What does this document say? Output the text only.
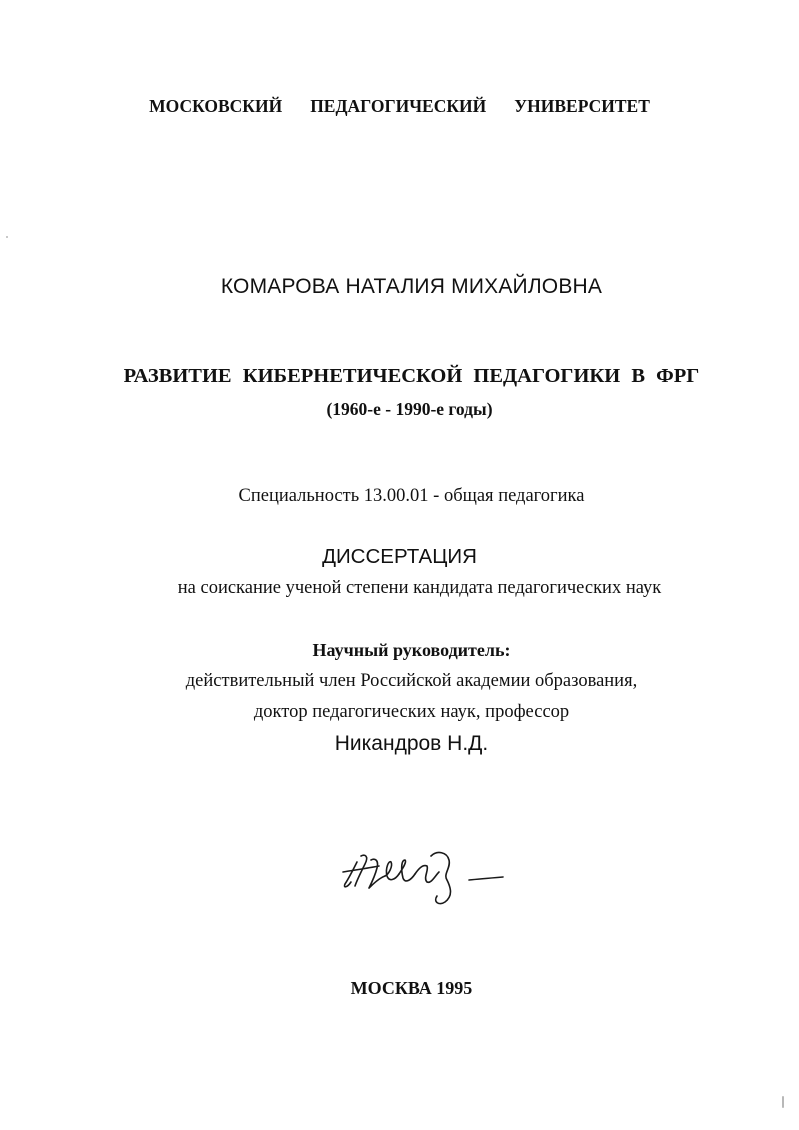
МОСКОВСКИЙ ПЕДАГОГИЧЕСКИЙ УНИВЕРСИТЕТ
КОМАРОВА НАТАЛИЯ МИХАЙЛОВНА
РАЗВИТИЕ КИБЕРНЕТИЧЕСКОЙ ПЕДАГОГИКИ В ФРГ
(1960-е - 1990-е годы)
Специальность 13.00.01 - общая педагогика
ДИССЕРТАЦИЯ
на соискание ученой степени кандидата педагогических наук
Научный руководитель:
действительный член Российской академии образования,
доктор педагогических наук, профессор
Никандров Н.Д.
МОСКВА 1995
